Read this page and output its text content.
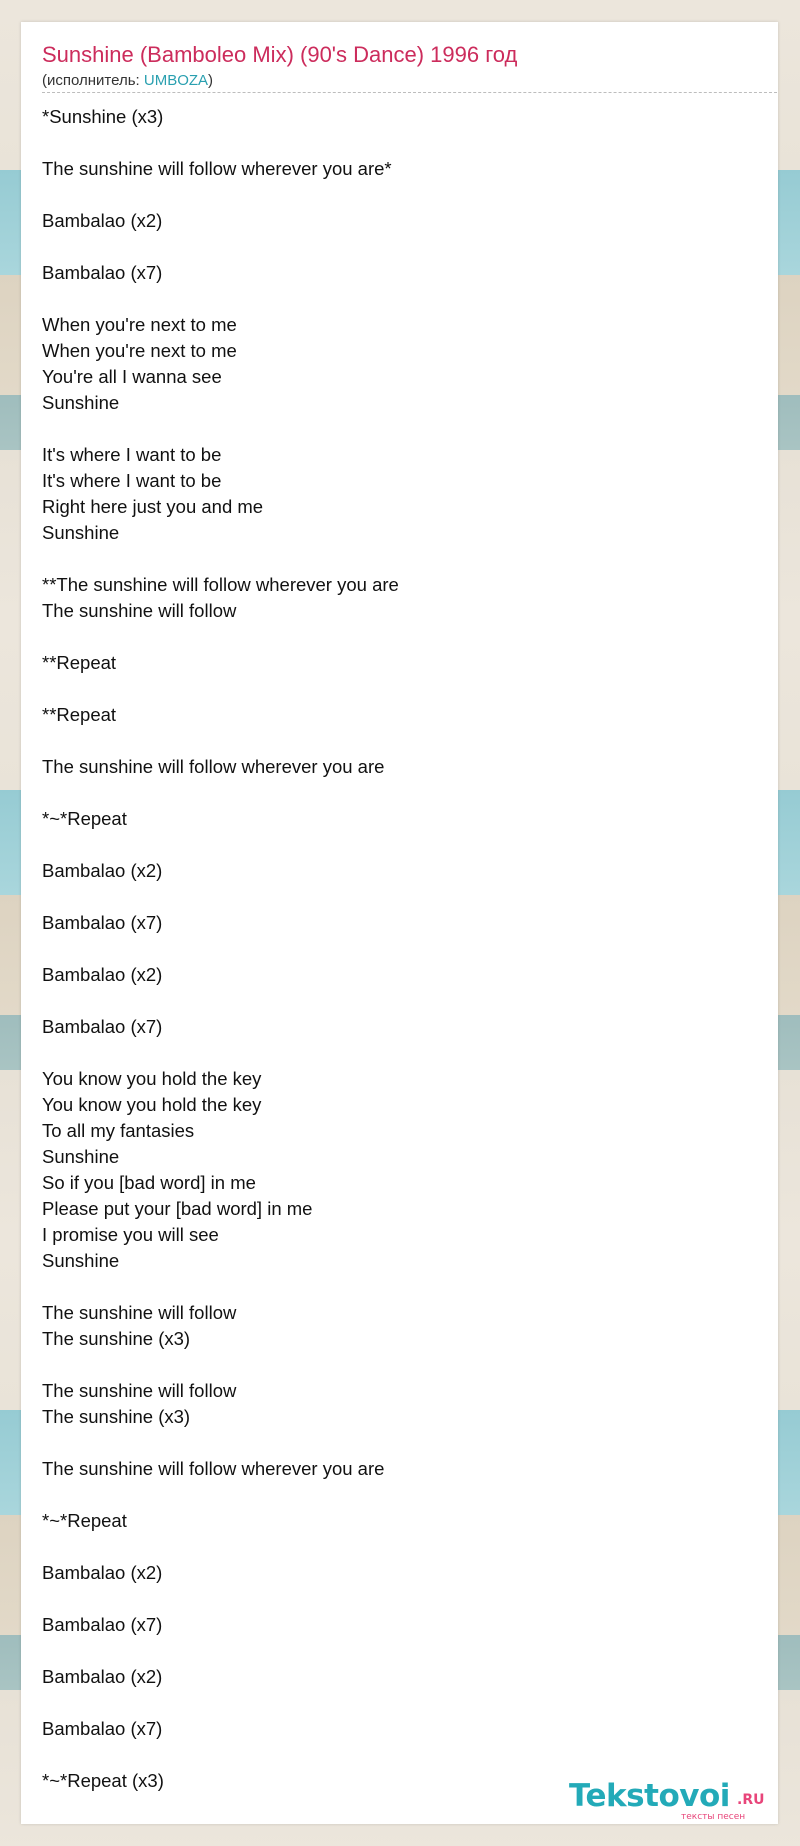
Sunshine (Bamboleo Mix) (90's Dance) 1996 год
(исполнитель: UMBOZA)
*Sunshine (x3)
The sunshine will follow wherever you are*
Bambalao (x2)
Bambalao (x7)
When you're next to me
When you're next to me
You're all I wanna see
Sunshine
It's where I want to be
It's where I want to be
Right here just you and me
Sunshine
**The sunshine will follow wherever you are
The sunshine will follow
**Repeat
**Repeat
The sunshine will follow wherever you are
*~*Repeat
Bambalao (x2)
Bambalao (x7)
Bambalao (x2)
Bambalao (x7)
You know you hold the key
You know you hold the key
To all my fantasies
Sunshine
So if you [bad word] in me
Please put your [bad word] in me
I promise you will see
Sunshine
The sunshine will follow
The sunshine (x3)
The sunshine will follow
The sunshine (x3)
The sunshine will follow wherever you are
*~*Repeat
Bambalao (x2)
Bambalao (x7)
Bambalao (x2)
Bambalao (x7)
*~*Repeat (x3)	Tekstovoi .RU
тексты песен
